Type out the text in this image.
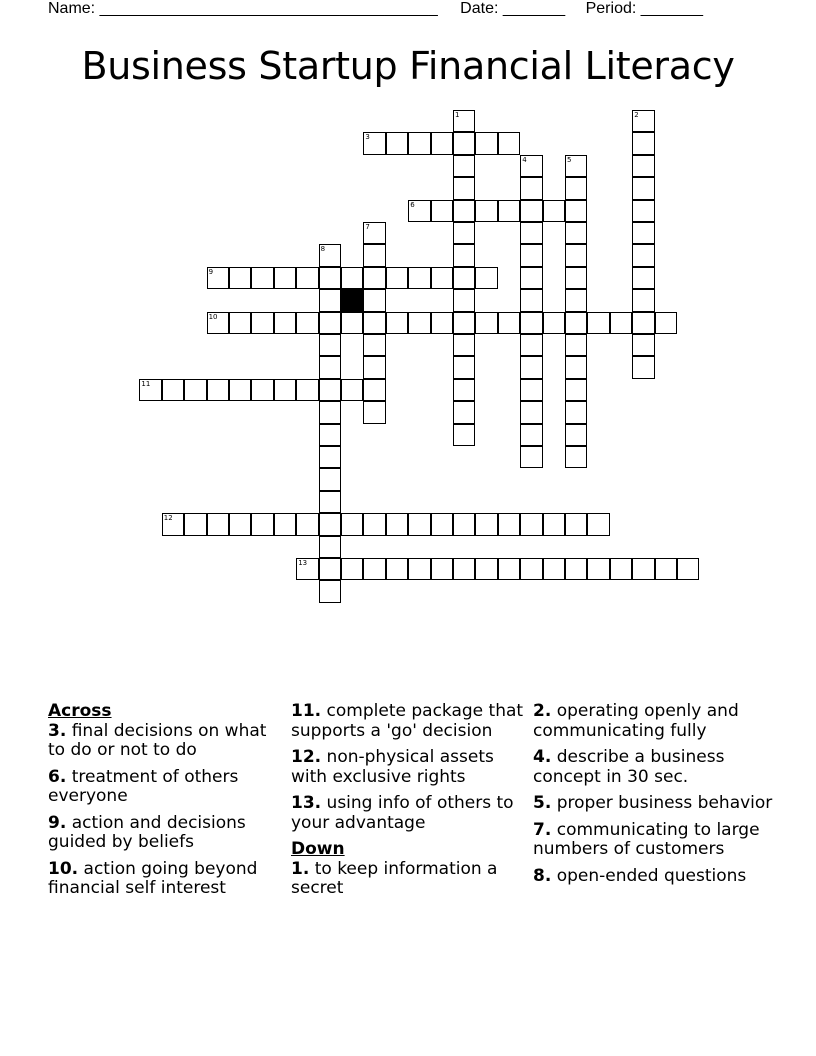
Name: ______________________________________ Date: _______ Period: _______
Business Startup Financial Literacy
1	2
3
4	5
6
7
8
9
10
11
12
13

Across

3. final decisions on what to do or not to do

6. treatment of others everyone

9. action and decisions guided by beliefs

10. action going beyond financial self interest

11. complete package that supports a 'go' decision

12. non-physical assets with exclusive rights

13. using info of others to your advantage

Down

1. to keep information a secret

2. operating openly and communicating fully

4. describe a business concept in 30 sec.

5. proper business behavior

7. communicating to large numbers of customers

8. open-ended questions
